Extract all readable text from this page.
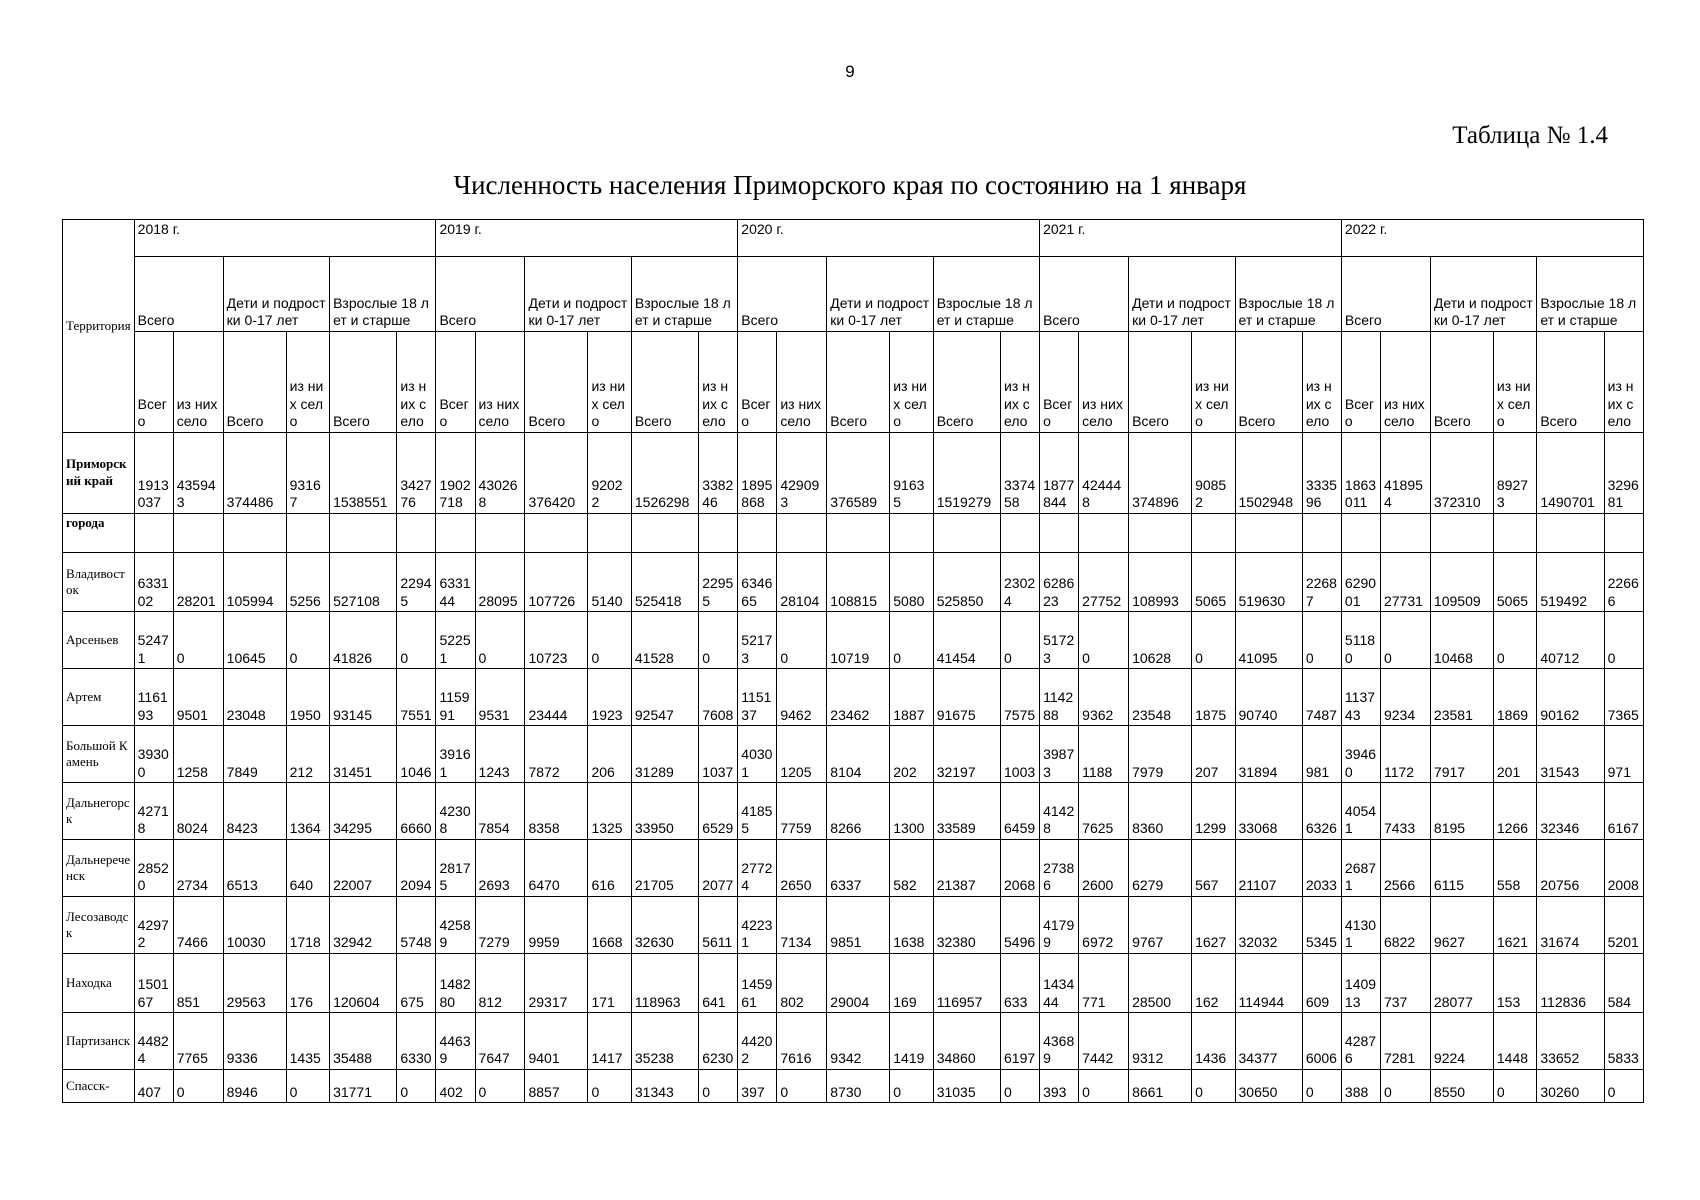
9
Таблица № 1.4
Численность населения Приморского края по состоянию на 1 января
Территория	2018 г.						2019 г.						2020 г.						2021 г.						2022 г.					
	Всего		Дети и подростки 0-17 лет		Взрослые 18 лет и старше		Всего		Дети и подростки 0-17 лет		Взрослые 18 лет и старше		Всего		Дети и подростки 0-17 лет		Взрослые 18 лет и старше		Всего		Дети и подростки 0-17 лет		Взрослые 18 лет и старше		Всего		Дети и подростки 0-17 лет		Взрослые 18 лет и старше	
	Всего	из них село	Всего	из них село	Всего	из них село	Всего	из них село	Всего	из них село	Всего	из них село	Всего	из них село	Всего	из них село	Всего	из них село	Всего	из них село	Всего	из них село	Всего	из них село	Всего	из них село	Всего	из них село	Всего	из них село
Приморский край	1913037	435943	374486	93167	1538551	342776	1902718	430268	376420	92022	1526298	338246	1895868	429093	376589	91635	1519279	337458	1877844	424448	374896	90852	1502948	333596	1863011	418954	372310	89273	1490701	329681
города																														
Владивосток	633102	28201	105994	5256	527108	22945	633144	28095	107726	5140	525418	22955	634665	28104	108815	5080	525850	23024	628623	27752	108993	5065	519630	22687	629001	27731	109509	5065	519492	22666
Арсеньев	52471	0	10645	0	41826	0	52251	0	10723	0	41528	0	52173	0	10719	0	41454	0	51723	0	10628	0	41095	0	51180	0	10468	0	40712	0
Артем	116193	9501	23048	1950	93145	7551	115991	9531	23444	1923	92547	7608	115137	9462	23462	1887	91675	7575	114288	9362	23548	1875	90740	7487	113743	9234	23581	1869	90162	7365
Большой Камень	39300	1258	7849	212	31451	1046	39161	1243	7872	206	31289	1037	40301	1205	8104	202	32197	1003	39873	1188	7979	207	31894	981	39460	1172	7917	201	31543	971
Дальнегорск	42718	8024	8423	1364	34295	6660	42308	7854	8358	1325	33950	6529	41855	7759	8266	1300	33589	6459	41428	7625	8360	1299	33068	6326	40541	7433	8195	1266	32346	6167
Дальнереченск	28520	2734	6513	640	22007	2094	28175	2693	6470	616	21705	2077	27724	2650	6337	582	21387	2068	27386	2600	6279	567	21107	2033	26871	2566	6115	558	20756	2008
Лесозаводск	42972	7466	10030	1718	32942	5748	42589	7279	9959	1668	32630	5611	42231	7134	9851	1638	32380	5496	41799	6972	9767	1627	32032	5345	41301	6822	9627	1621	31674	5201
Находка	150167	851	29563	176	120604	675	148280	812	29317	171	118963	641	145961	802	29004	169	116957	633	143444	771	28500	162	114944	609	140913	737	28077	153	112836	584
Партизанск	44824	7765	9336	1435	35488	6330	44639	7647	9401	1417	35238	6230	44202	7616	9342	1419	34860	6197	43689	7442	9312	1436	34377	6006	42876	7281	9224	1448	33652	5833
Спасск-	407	0	8946	0	31771	0	402	0	8857	0	31343	0	397	0	8730	0	31035	0	393	0	8661	0	30650	0	388	0	8550	0	30260	0
